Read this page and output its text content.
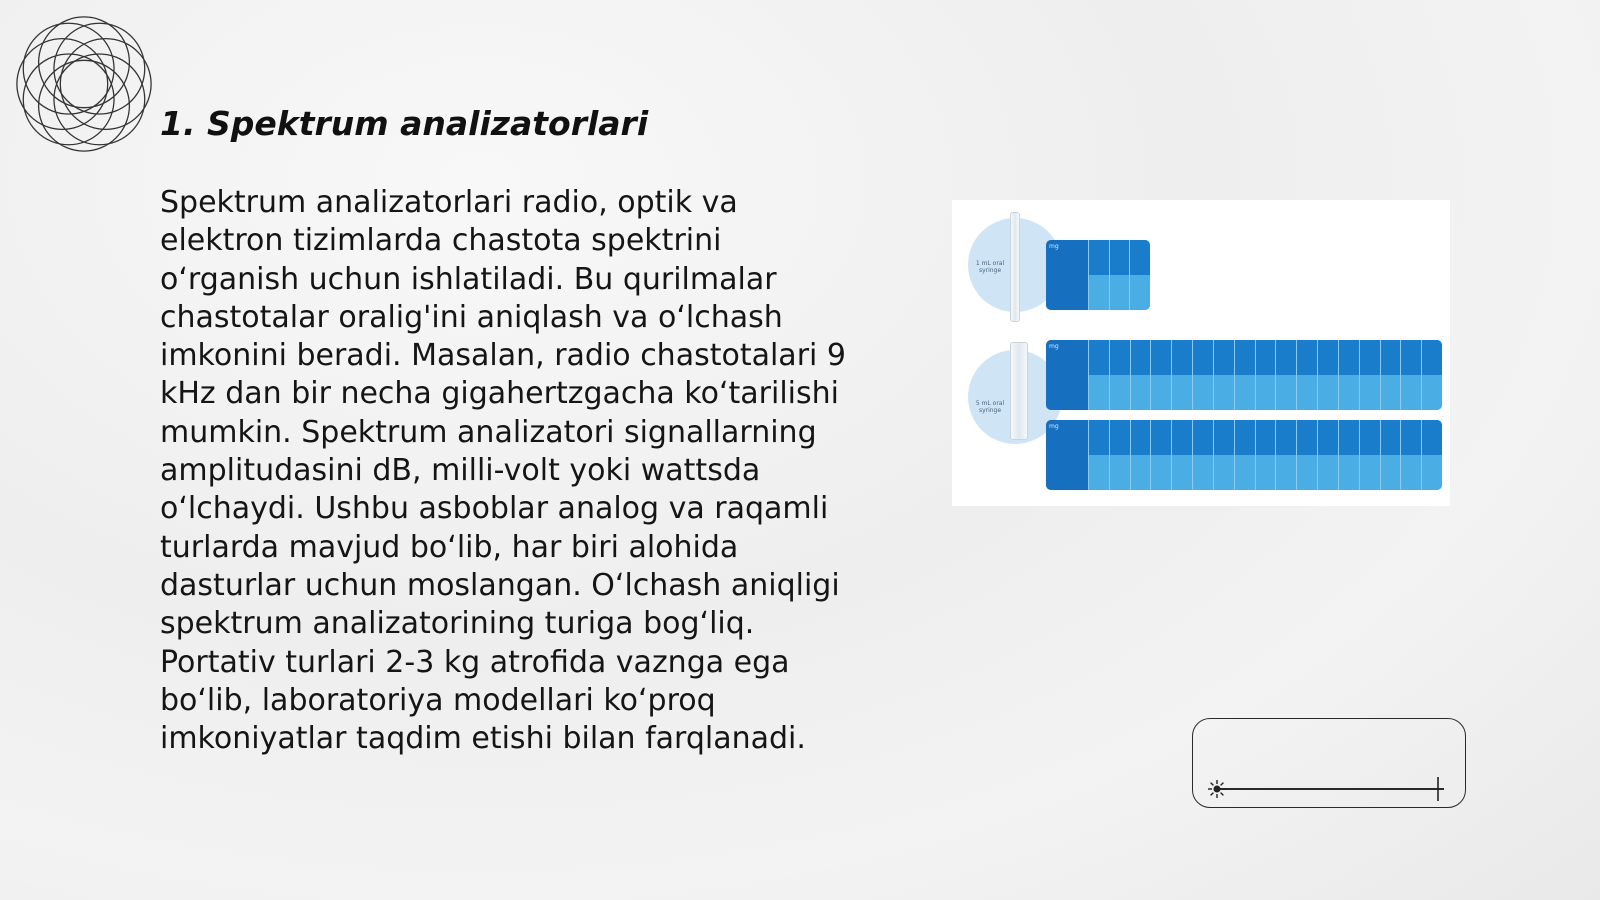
1. Spektrum analizatorlari

Spektrum analizatorlari radio, optik va elektron tizimlarda chastota spektrini o‘rganish uchun ishlatiladi. Bu qurilmalar chastotalar oralig'ini aniqlash va o‘lchash imkonini beradi. Masalan, radio chastotalari 9 kHz dan bir necha gigahertzgacha ko‘tarilishi mumkin. Spektrum analizatori signallarning amplitudasini dB, milli-volt yoki wattsda o‘lchaydi. Ushbu asboblar analog va raqamli turlarda mavjud bo‘lib, har biri alohida dasturlar uchun moslangan. O‘lchash aniqligi spektrum analizatorining turiga bog‘liq. Portativ turlari 2-3 kg atrofida vaznga ega bo‘lib, laboratoriya modellari ko‘proq imkoniyatlar taqdim etishi bilan farqlanadi.

1 mL oral syringe
5 mL oral syringe
mg
mg
mg
